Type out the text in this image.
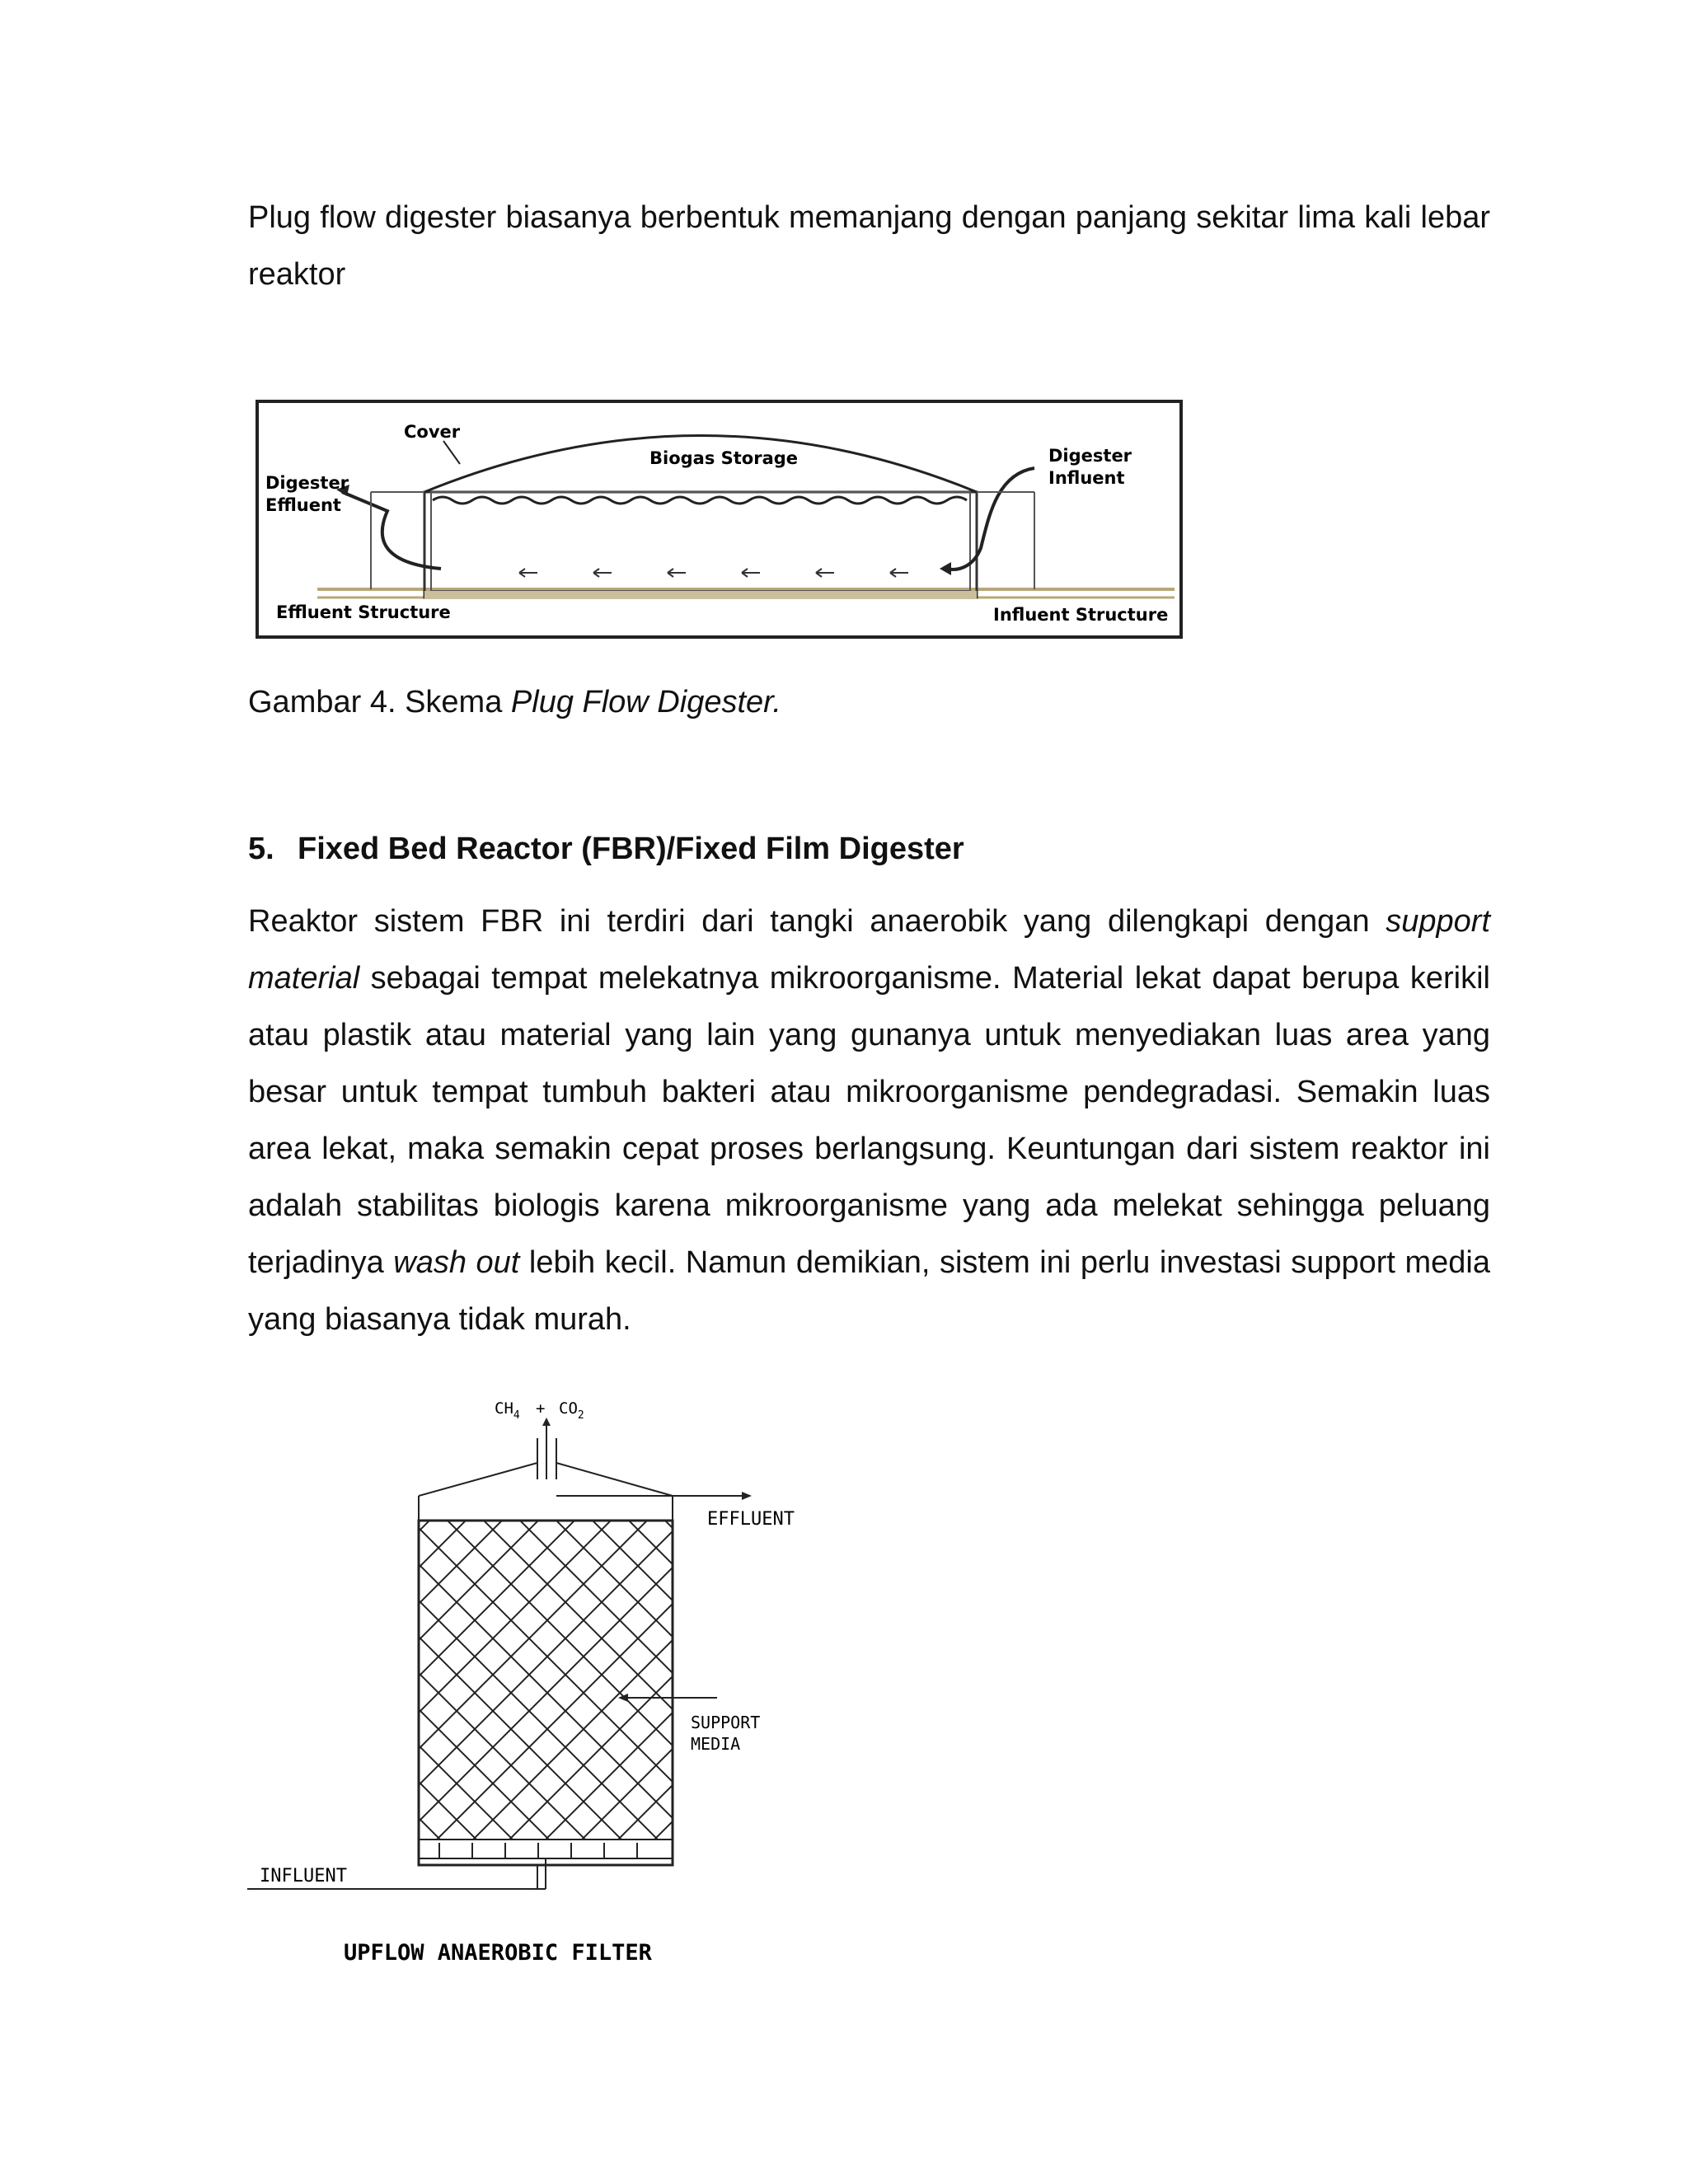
Plug flow digester biasanya berbentuk memanjang dengan panjang sekitar lima kali lebar reaktor

Cover
Biogas Storage
Digester
Effluent
Digester
Influent
Effluent Structure	Influent Structure

Gambar 4. Skema Plug Flow Digester.

5. Fixed Bed Reactor (FBR)/Fixed Film Digester

Reaktor sistem FBR ini terdiri dari tangki anaerobik yang dilengkapi dengan support material sebagai tempat melekatnya mikroorganisme. Material lekat dapat berupa kerikil atau plastik atau material yang lain yang gunanya untuk menyediakan luas area yang besar untuk tempat tumbuh bakteri atau mikroorganisme pendegradasi. Semakin luas area lekat, maka semakin cepat proses berlangsung. Keuntungan dari sistem reaktor ini adalah stabilitas biologis karena mikroorganisme yang ada melekat sehingga peluang terjadinya wash out lebih kecil. Namun demikian, sistem ini perlu investasi support media yang biasanya tidak murah.

$CH_4 + CO_2$
EFFLUENT
INFLUENT
SUPPORT
MEDIA
UPFLOW ANAEROBIC FILTER
